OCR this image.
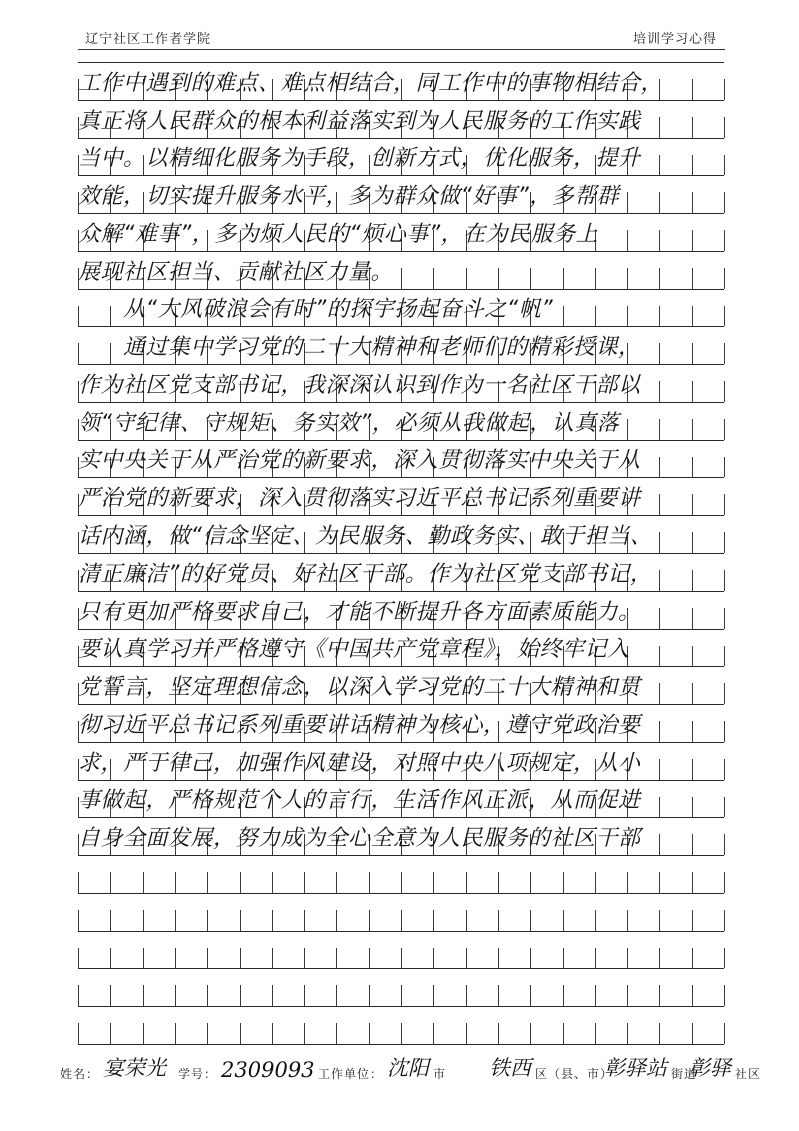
辽宁社区工作者学院	培训学习心得
工作中遇到的难点、难点相结合，同工作中的事物相结合，
真正将人民群众的根本利益落实到为人民服务的工作实践
当中。以精细化服务为手段，创新方式，优化服务，提升
效能，切实提升服务水平，多为群众做“好事”，多帮群
众解“难事”，多为烦人民的“烦心事”，在为民服务上
展现社区担当、贡献社区力量。
　　从“大风破浪会有时”的探宇扬起奋斗之“帆”
　　通过集中学习党的二十大精神和老师们的精彩授课，
作为社区党支部书记，我深深认识到作为一名社区干部以
领“守纪律、守规矩、务实效”，必须从我做起，认真落
实中央关于从严治党的新要求，深入贯彻落实中央关于从
严治党的新要求，深入贯彻落实习近平总书记系列重要讲
话内涵，做“信念坚定、为民服务、勤政务实、敢于担当、
清正廉洁”的好党员、好社区干部。作为社区党支部书记，
只有更加严格要求自己，才能不断提升各方面素质能力。
要认真学习并严格遵守《中国共产党章程》，始终牢记入
党誓言，坚定理想信念，以深入学习党的二十大精神和贯
彻习近平总书记系列重要讲话精神为核心，遵守党政治要
求，严于律己，加强作风建设，对照中央八项规定，从小
事做起，严格规范个人的言行，生活作风正派，从而促进
自身全面发展，努力成为全心全意为人民服务的社区干部
姓名： 宴荣光 学号： 2309093 工作单位： 沈阳 市 铁西 区（县、市）
彰驿站 街道
彰驿 社区
